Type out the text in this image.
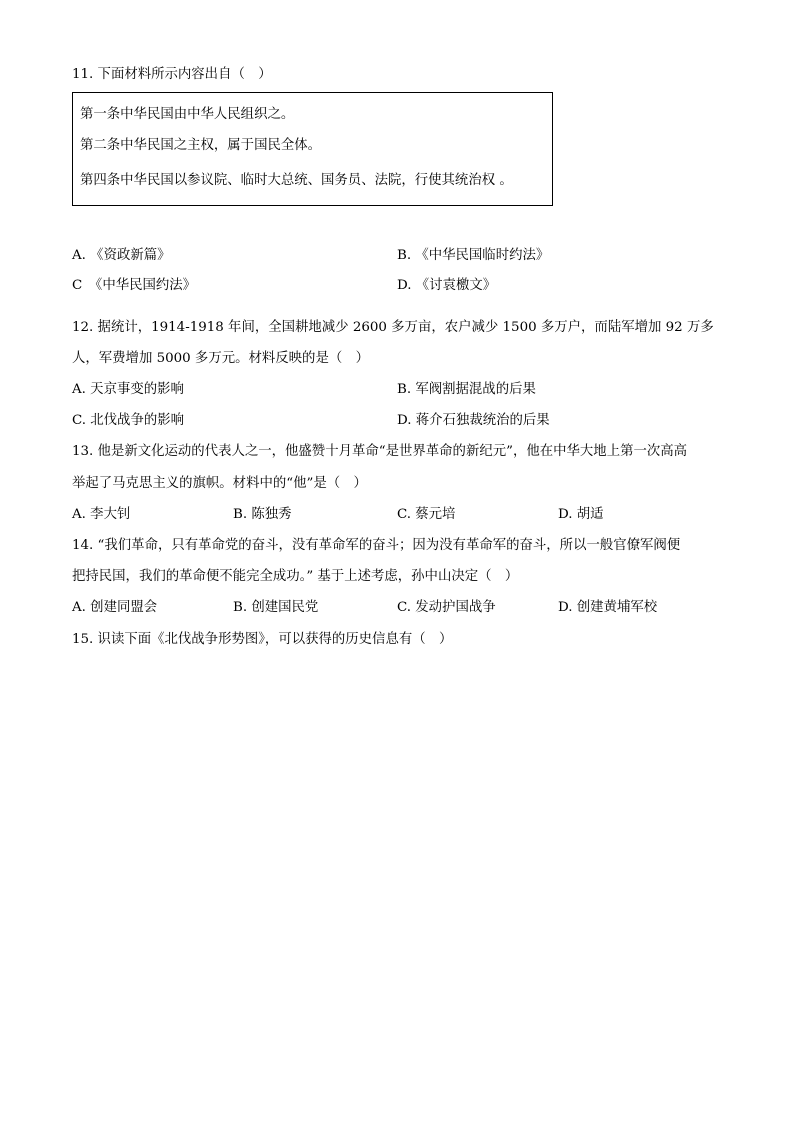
11. 下面材料所示内容出自（　）
第一条中华民国由中华人民组织之。
第二条中华民国之主权，属于国民全体。
第四条中华民国以参议院、临时大总统、国务员、法院，行使其统治权 。
A. 《资政新篇》	B. 《中华民国临时约法》
C　《中华民国约法》	D. 《讨袁檄文》
12. 据统计，1914-1918 年间，全国耕地减少 2600 多万亩，农户减少 1500 多万户，而陆军增加 92 万多
人，军费增加 5000 多万元。材料反映的是（　）
A. 天京事变的影响	B. 军阀割据混战的后果
C. 北伐战争的影响	D. 蒋介石独裁统治的后果
13. 他是新文化运动的代表人之一，他盛赞十月革命“是世界革命的新纪元”，他在中华大地上第一次高高
举起了马克思主义的旗帜。材料中的“他”是（　）
A. 李大钊	B. 陈独秀	C. 蔡元培	D. 胡适
14. “我们革命，只有革命党的奋斗，没有革命军的奋斗；因为没有革命军的奋斗，所以一般官僚军阀便
把持民国，我们的革命便不能完全成功。” 基于上述考虑，孙中山决定（　）
A. 创建同盟会	B. 创建国民党	C. 发动护国战争	D. 创建黄埔军校
15. 识读下面《北伐战争形势图》，可以获得的历史信息有（　）
